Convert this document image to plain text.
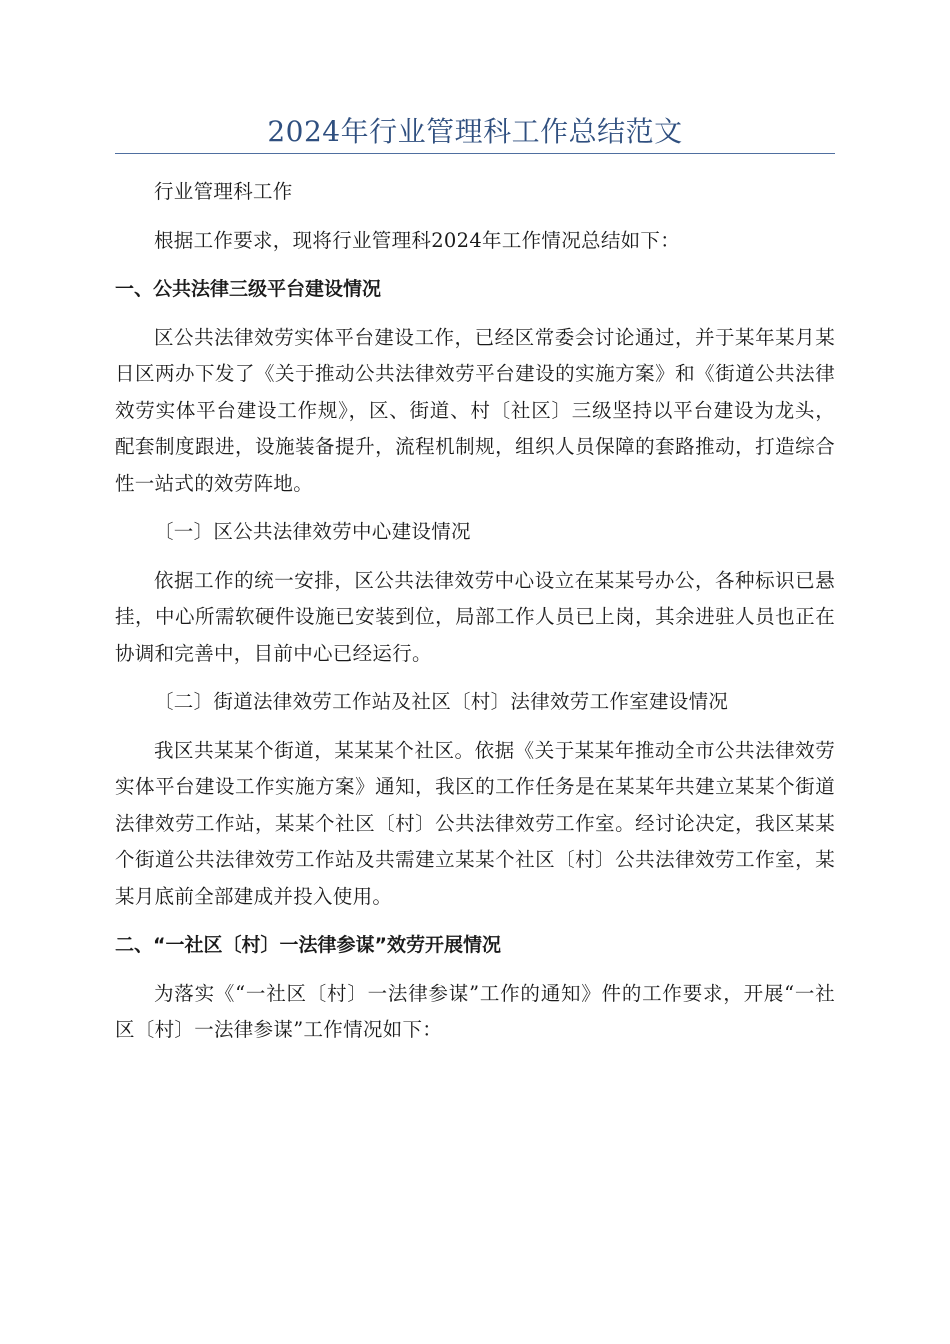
2024年行业管理科工作总结范文

行业管理科工作

根据工作要求，现将行业管理科2024年工作情况总结如下：

一、公共法律三级平台建设情况

区公共法律效劳实体平台建设工作，已经区常委会讨论通过，并于某年某月某日区两办下发了《关于推动公共法律效劳平台建设的实施方案》和《街道公共法律效劳实体平台建设工作规》，区、街道、村〔社区〕三级坚持以平台建设为龙头，配套制度跟进，设施装备提升，流程机制规，组织人员保障的套路推动，打造综合性一站式的效劳阵地。

〔一〕区公共法律效劳中心建设情况

依据工作的统一安排，区公共法律效劳中心设立在某某号办公，各种标识已悬挂，中心所需软硬件设施已安装到位，局部工作人员已上岗，其余进驻人员也正在协调和完善中，目前中心已经运行。

〔二〕街道法律效劳工作站及社区〔村〕法律效劳工作室建设情况

我区共某某个街道，某某某个社区。依据《关于某某年推动全市公共法律效劳实体平台建设工作实施方案》通知，我区的工作任务是在某某年共建立某某个街道法律效劳工作站，某某个社区〔村〕公共法律效劳工作室。经讨论决定，我区某某个街道公共法律效劳工作站及共需建立某某个社区〔村〕公共法律效劳工作室，某某月底前全部建成并投入使用。

二、“一社区〔村〕一法律参谋”效劳开展情况

为落实《“一社区〔村〕一法律参谋”工作的通知》件的工作要求，开展“一社区〔村〕一法律参谋”工作情况如下：
